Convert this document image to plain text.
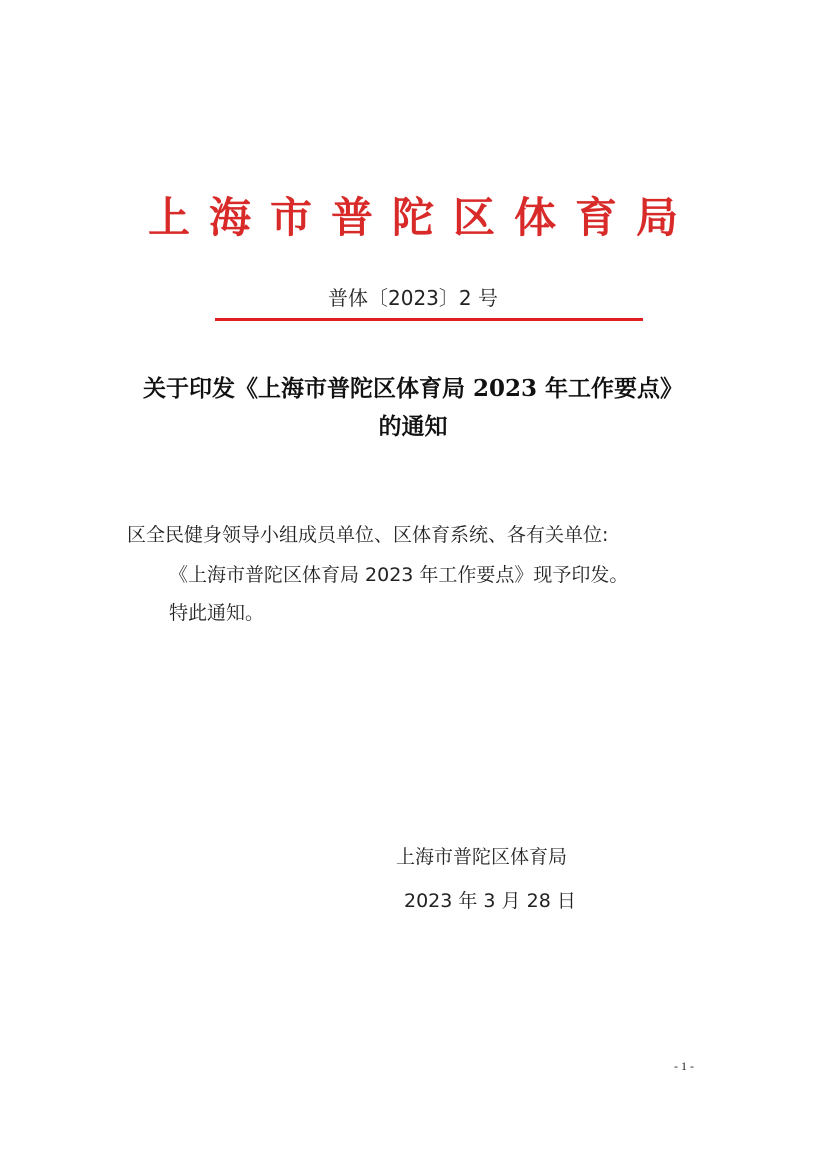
上海市普陀区体育局
普体〔2023〕2 号
关于印发《上海市普陀区体育局 2023 年工作要点》
的通知
区全民健身领导小组成员单位、区体育系统、各有关单位:
《上海市普陀区体育局 2023 年工作要点》现予印发。
特此通知。
上海市普陀区体育局
2023 年 3 月 28 日
- 1 -
